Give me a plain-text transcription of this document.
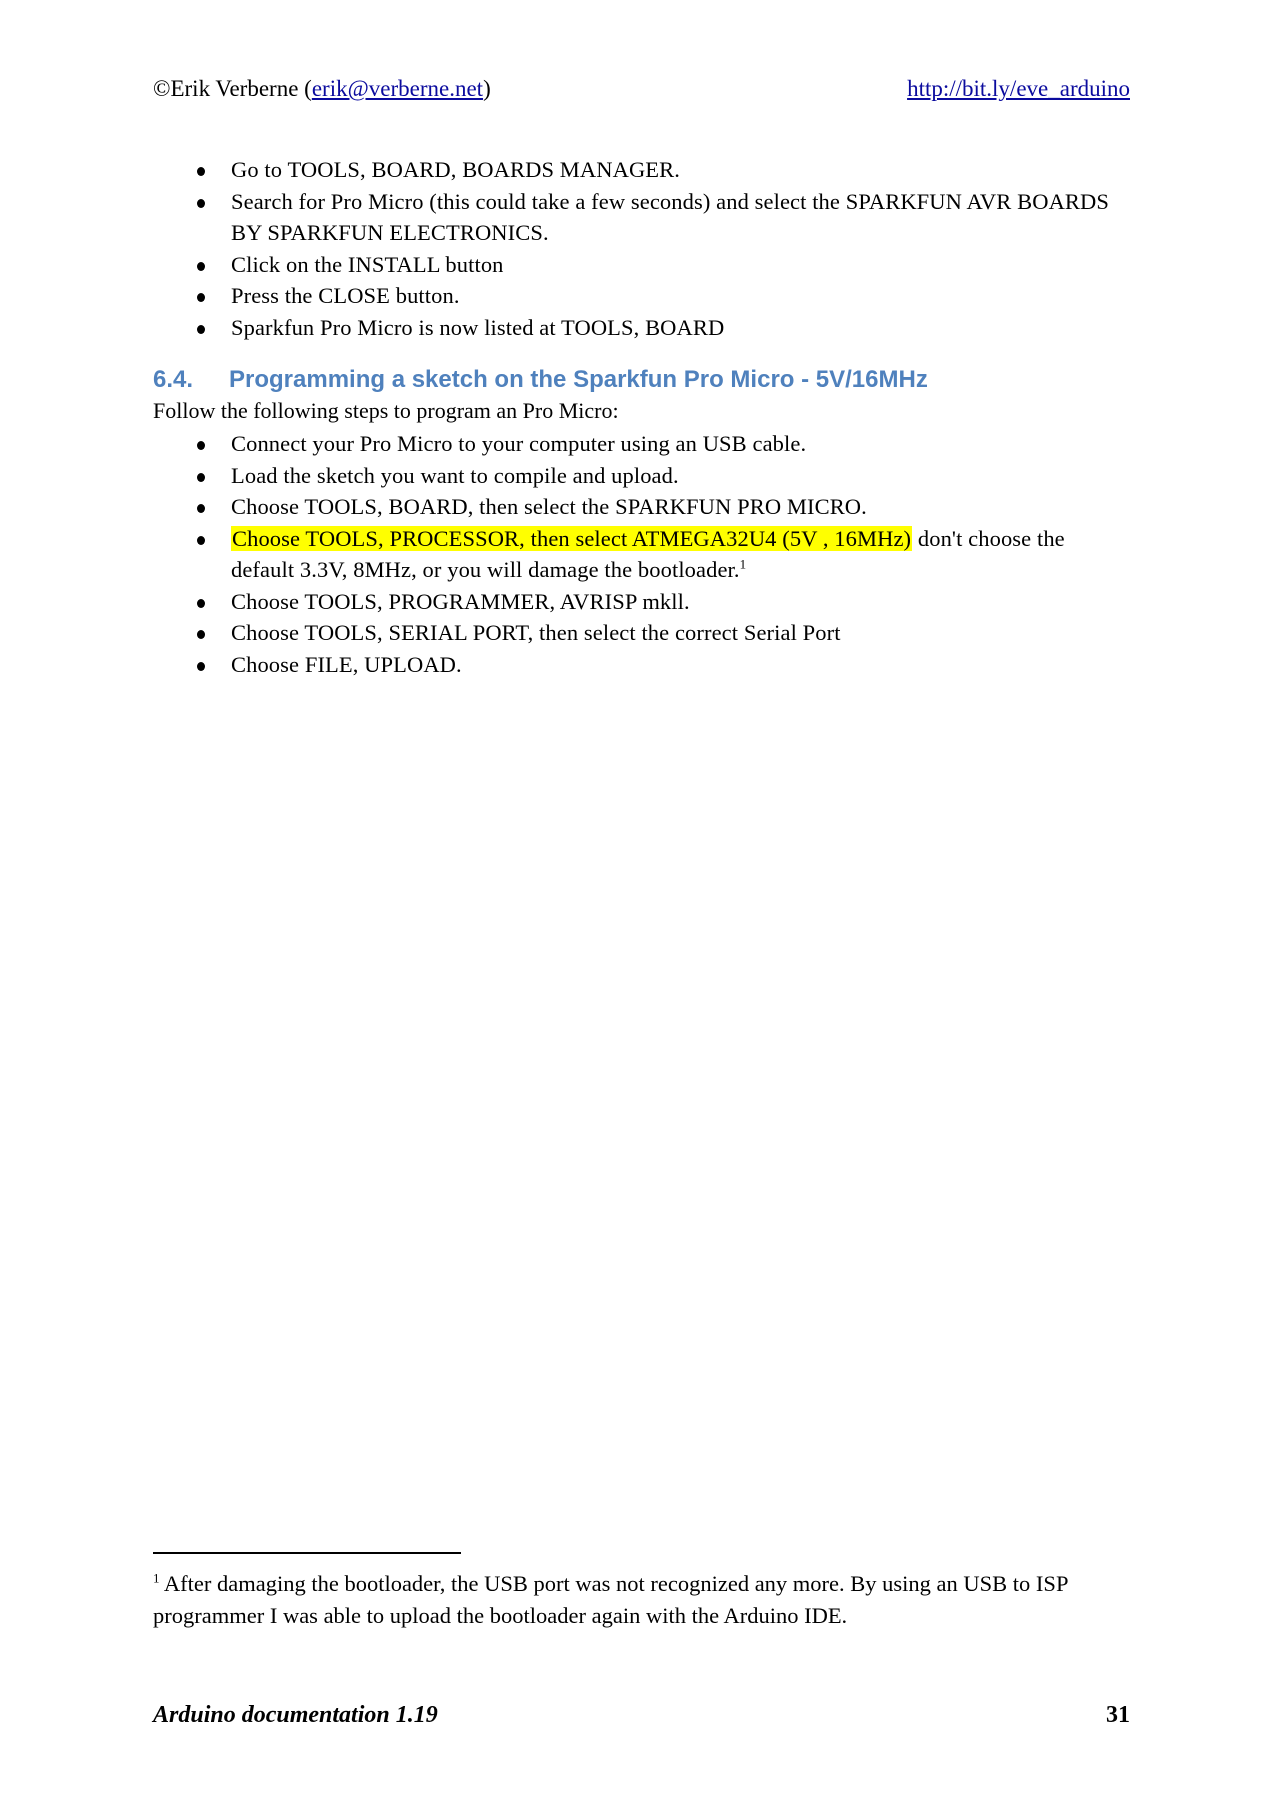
©Erik Verberne (erik@verberne.net)	http://bit.ly/eve_arduino
Go to TOOLS, BOARD, BOARDS MANAGER.
Search for Pro Micro (this could take a few seconds) and select the SPARKFUN AVR BOARDS BY SPARKFUN ELECTRONICS.
Click on the INSTALL button
Press the CLOSE button.
Sparkfun Pro Micro is now listed at TOOLS, BOARD
6.4. Programming a sketch on the Sparkfun Pro Micro - 5V/16MHz
Follow the following steps to program an Pro Micro:
Connect your Pro Micro to your computer using an USB cable.
Load the sketch you want to compile and upload.
Choose TOOLS, BOARD, then select the SPARKFUN PRO MICRO.
Choose TOOLS, PROCESSOR, then select ATMEGA32U4 (5V , 16MHz) don't choose the default 3.3V, 8MHz, or you will damage the bootloader.$^1$
Choose TOOLS, PROGRAMMER, AVRISP mkll.
Choose TOOLS, SERIAL PORT, then select the correct Serial Port
Choose FILE, UPLOAD.
$^1$ After damaging the bootloader, the USB port was not recognized any more. By using an USB to ISP programmer I was able to upload the bootloader again with the Arduino IDE.
Arduino documentation 1.19	31
